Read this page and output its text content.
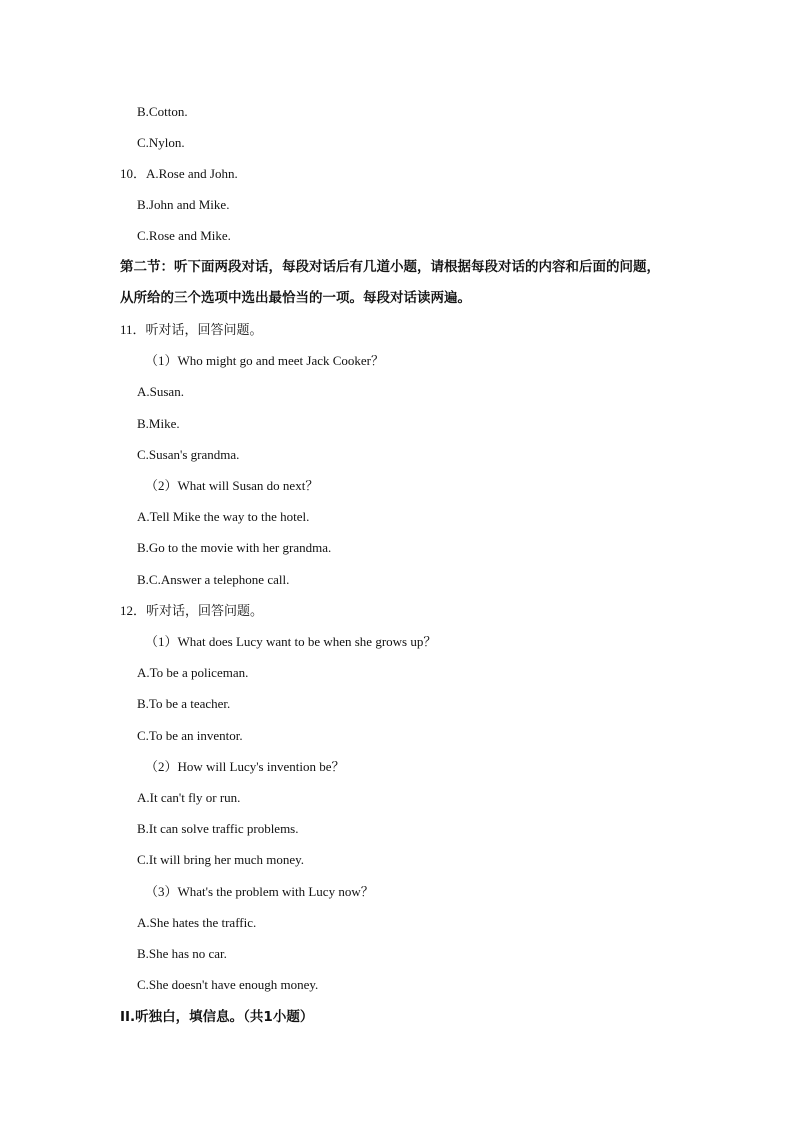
B.Cotton.
C.Nylon.
10．A.Rose and John.
B.John and Mike.
C.Rose and Mike.
第二节：听下面两段对话，每段对话后有几道小题，请根据每段对话的内容和后面的问题，
从所给的三个选项中选出最恰当的一项。每段对话读两遍。
11．听对话，回答问题。
（1）Who might go and meet Jack Cooker？
A.Susan.
B.Mike.
C.Susan's grandma.
（2）What will Susan do next？
A.Tell Mike the way to the hotel.
B.Go to the movie with her grandma.
B.C.Answer a telephone call.
12．听对话，回答问题。
（1）What does Lucy want to be when she grows up？
A.To be a policeman.
B.To be a teacher.
C.To be an inventor.
（2）How will Lucy's invention be？
A.It can't fly or run.
B.It can solve traffic problems.
C.It will bring her much money.
（3）What's the problem with Lucy now？
A.She hates the traffic.
B.She has no car.
C.She doesn't have enough money.
II.听独白，填信息。（共1小题）
